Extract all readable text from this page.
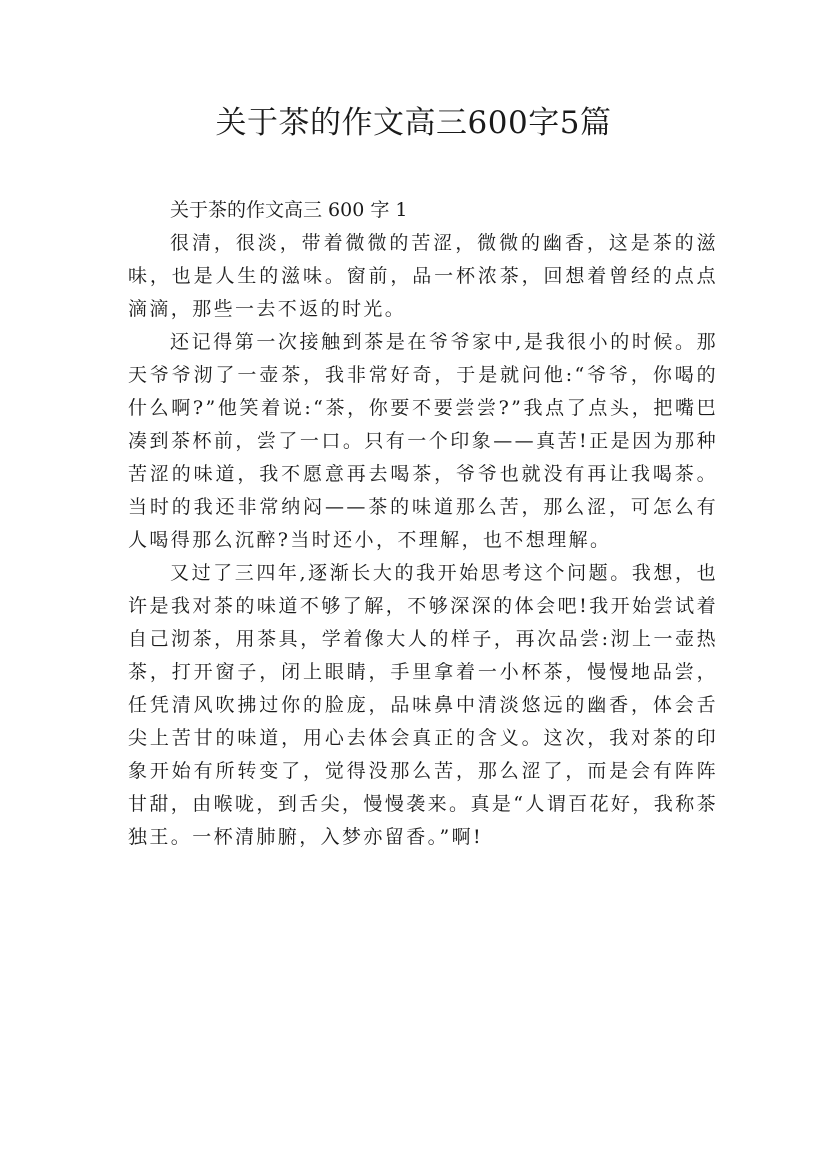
关于茶的作文高三600字5篇

关于茶的作文高三 600 字 1

很清，很淡，带着微微的苦涩，微微的幽香，这是茶的滋味，也是人生的滋味。窗前，品一杯浓茶，回想着曾经的点点滴滴，那些一去不返的时光。

还记得第一次接触到茶是在爷爷家中,是我很小的时候。那天爷爷沏了一壶茶，我非常好奇，于是就问他:“爷爷，你喝的什么啊?”他笑着说:“茶，你要不要尝尝?”我点了点头，把嘴巴凑到茶杯前，尝了一口。只有一个印象——真苦!正是因为那种苦涩的味道，我不愿意再去喝茶，爷爷也就没有再让我喝茶。当时的我还非常纳闷——茶的味道那么苦，那么涩，可怎么有人喝得那么沉醉?当时还小，不理解，也不想理解。

又过了三四年,逐渐长大的我开始思考这个问题。我想，也许是我对茶的味道不够了解，不够深深的体会吧!我开始尝试着自己沏茶，用茶具，学着像大人的样子，再次品尝:沏上一壶热茶，打开窗子，闭上眼睛，手里拿着一小杯茶，慢慢地品尝，任凭清风吹拂过你的脸庞，品味鼻中清淡悠远的幽香，体会舌尖上苦甘的味道，用心去体会真正的含义。这次，我对茶的印象开始有所转变了，觉得没那么苦，那么涩了，而是会有阵阵甘甜，由喉咙，到舌尖，慢慢袭来。真是“人谓百花好，我称茶独王。一杯清肺腑，入梦亦留香。”啊!
